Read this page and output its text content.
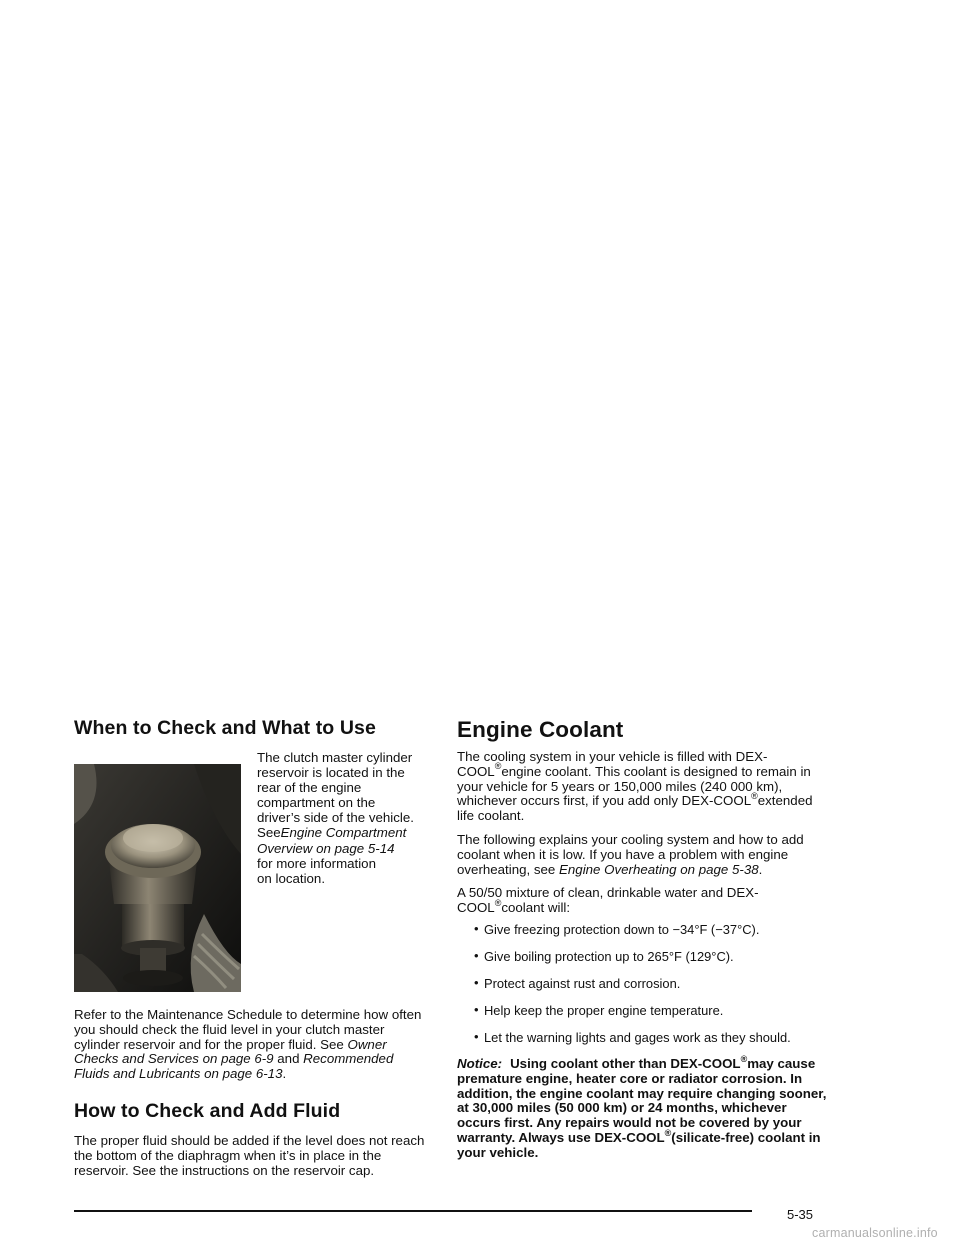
When to Check and What to Use

The clutch master cylinder

reservoir is located in the

rear of the engine

compartment on the

driver’s side of the vehicle.

SeeEngine Compartment

Overview on page 5-14

for more information

on location.

Refer to the Maintenance Schedule to determine how often you should check the fluid level in your clutch master cylinder reservoir and for the proper fluid. See Owner Checks and Services on page 6-9 and Recommended Fluids and Lubricants on page 6-13.

How to Check and Add Fluid

The proper fluid should be added if the level does not reach the bottom of the diaphragm when it’s in place in the reservoir. See the instructions on the reservoir cap.

Engine Coolant

The cooling system in your vehicle is filled with DEX-COOL®engine coolant. This coolant is designed to remain in your vehicle for 5 years or 150,000 miles (240 000 km), whichever occurs first, if you add only DEX-COOL®extended life coolant.

The following explains your cooling system and how to add coolant when it is low. If you have a problem with engine overheating, see Engine Overheating on page 5-38.

A 50/50 mixture of clean, drinkable water and DEX-COOL®coolant will:

• Give freezing protection down to −34°F (−37°C).
• Give boiling protection up to 265°F (129°C).
• Protect against rust and corrosion.
• Help keep the proper engine temperature.
• Let the warning lights and gages work as they should.

Notice: Using coolant other than DEX-COOL®may cause premature engine, heater core or radiator corrosion. In addition, the engine coolant may require changing sooner, at 30,000 miles (50 000 km) or 24 months, whichever occurs first. Any repairs would not be covered by your warranty. Always use DEX-COOL®(silicate-free) coolant in your vehicle.

5-35
carmanualsonline.info
